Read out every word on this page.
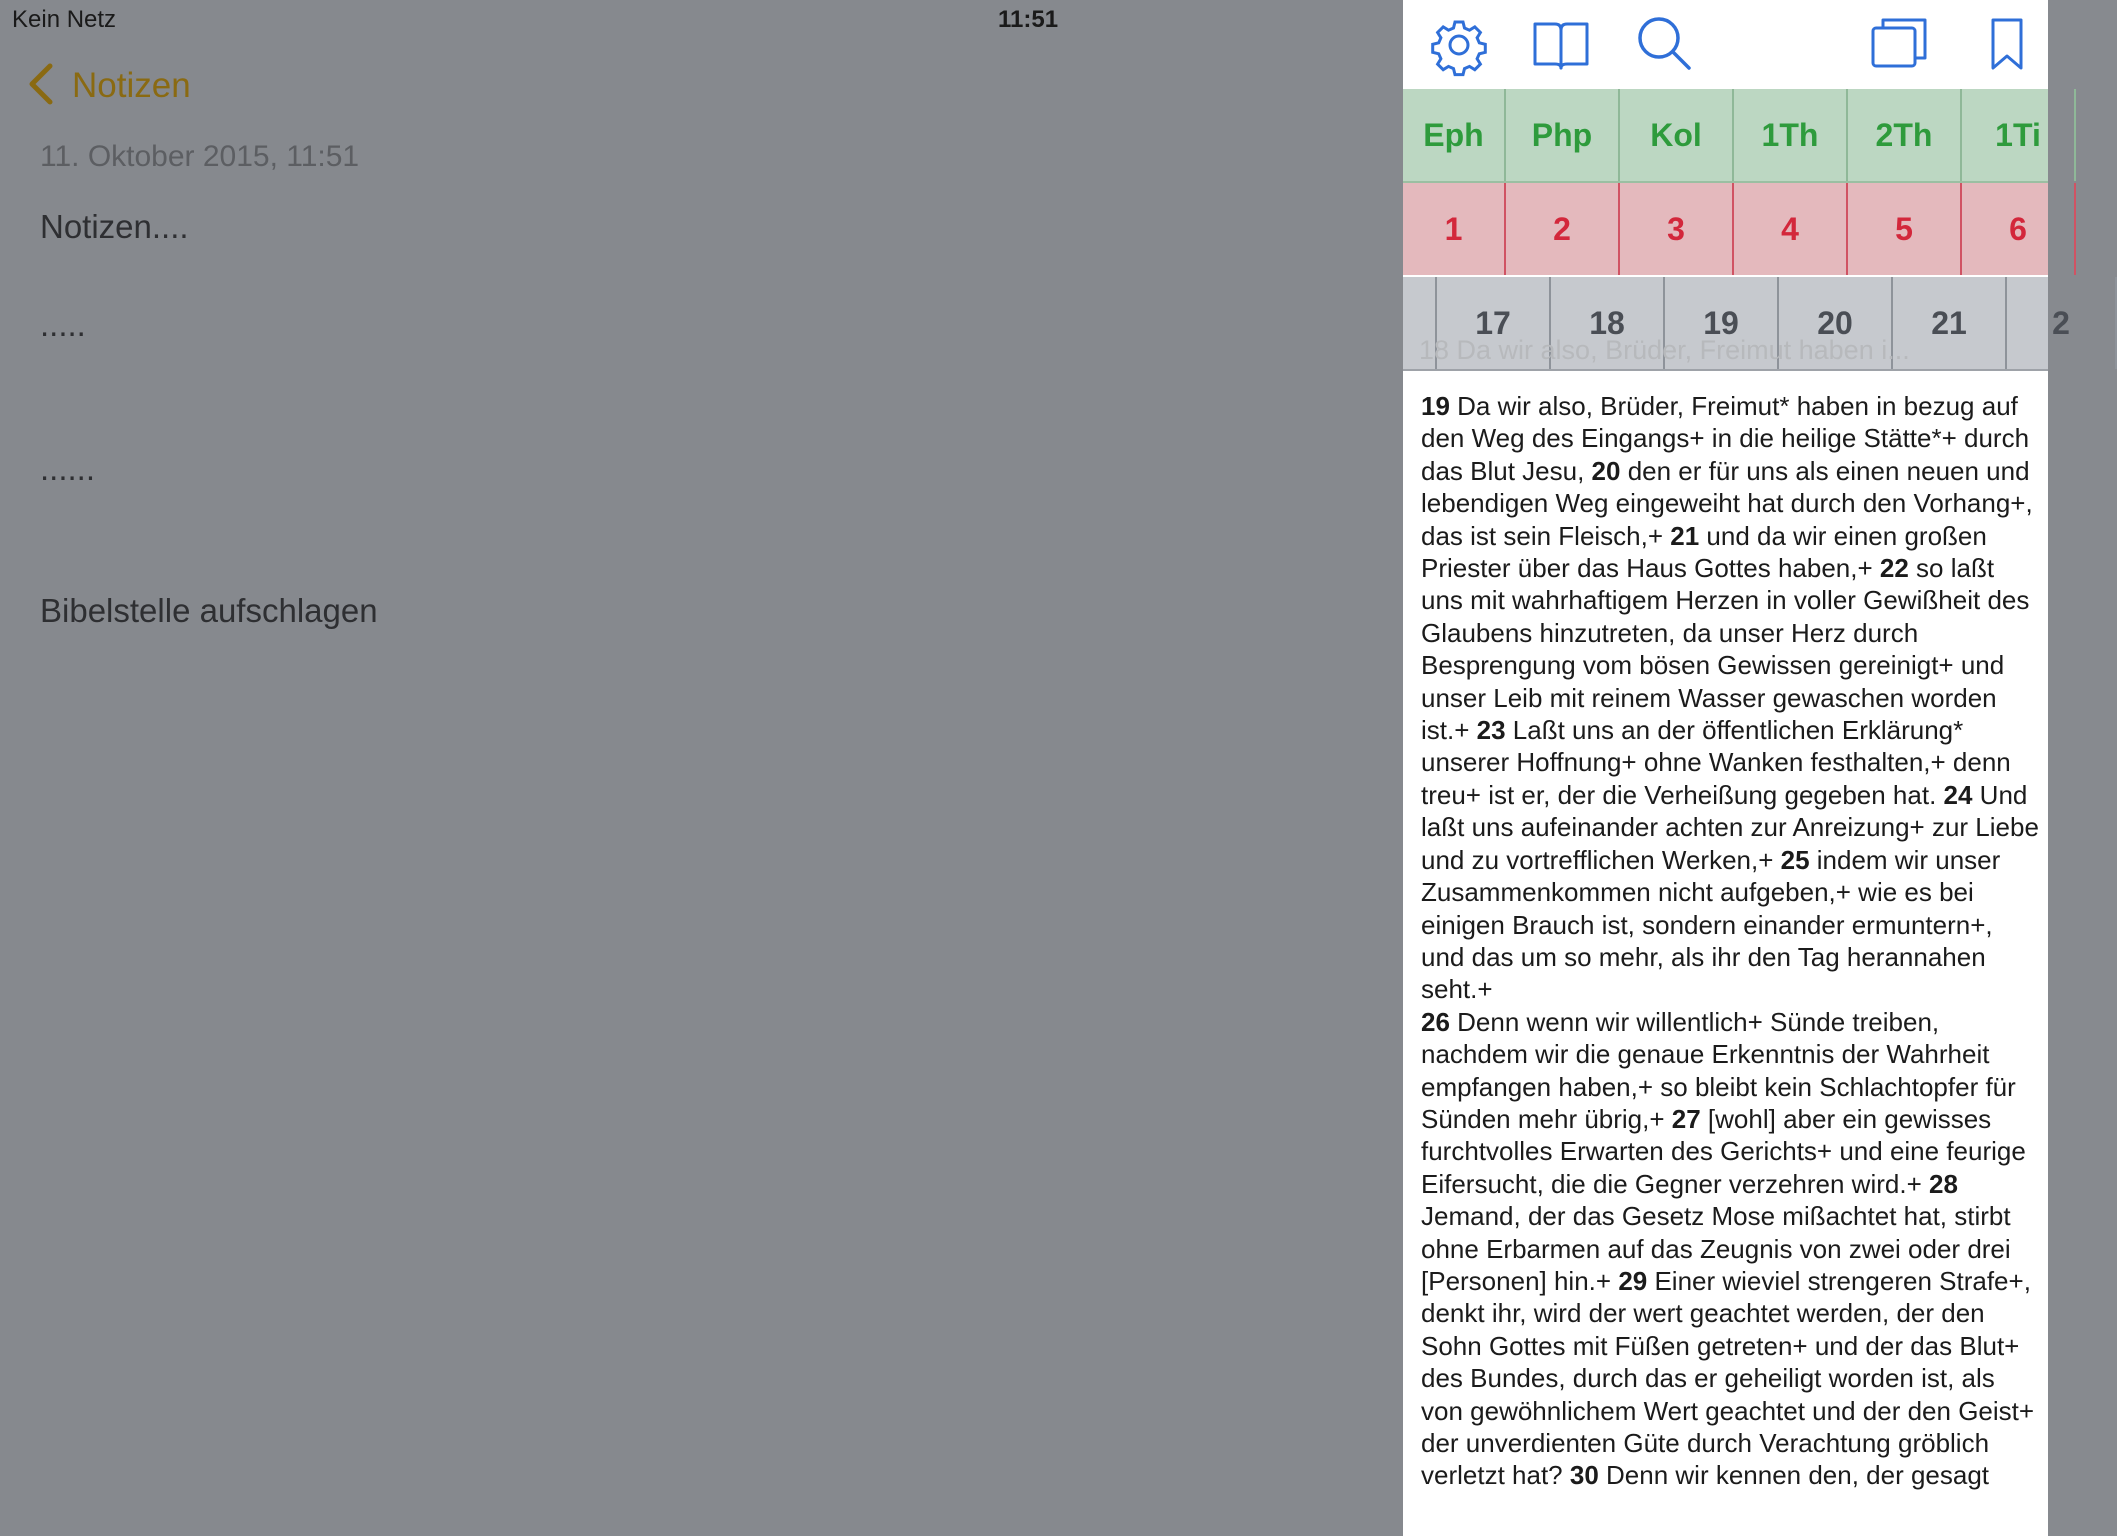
Kein Netz	11:51
Notizen
11. Oktober 2015, 11:51
Notizen....
.....
......
Bibelstelle aufschlagen
Eph	Php	Kol	1Th	2Th	1Ti
1	2	3	4	5	6
17	18	19	20	21	2
18 Da wir also, Brüder, Freimut haben i...

19 Da wir also, Brüder, Freimut* haben in bezug auf den Weg des Eingangs+ in die heilige Stätte*+ durch das Blut Jesu, 20 den er für uns als einen neuen und lebendigen Weg eingeweiht hat durch den Vorhang+, das ist sein Fleisch,+ 21 und da wir einen großen Priester über das Haus Gottes haben,+ 22 so laßt uns mit wahrhaftigem Herzen in voller Gewißheit des Glaubens hinzutreten, da unser Herz durch Besprengung vom bösen Gewissen gereinigt+ und unser Leib mit reinem Wasser gewaschen worden ist.+ 23 Laßt uns an der öffentlichen Erklärung* unserer Hoffnung+ ohne Wanken festhalten,+ denn treu+ ist er, der die Verheißung gegeben hat. 24 Und laßt uns aufeinander achten zur Anreizung+ zur Liebe und zu vortrefflichen Werken,+ 25 indem wir unser Zusammenkommen nicht aufgeben,+ wie es bei einigen Brauch ist, sondern einander ermuntern+, und das um so mehr, als ihr den Tag herannahen seht.+
26 Denn wenn wir willentlich+ Sünde treiben, nachdem wir die genaue Erkenntnis der Wahrheit empfangen haben,+ so bleibt kein Schlachtopfer für Sünden mehr übrig,+ 27 [wohl] aber ein gewisses furchtvolles Erwarten des Gerichts+ und eine feurige Eifersucht, die die Gegner verzehren wird.+ 28 Jemand, der das Gesetz Mose mißachtet hat, stirbt ohne Erbarmen auf das Zeugnis von zwei oder drei [Personen] hin.+ 29 Einer wieviel strengeren Strafe+, denkt ihr, wird der wert geachtet werden, der den Sohn Gottes mit Füßen getreten+ und der das Blut+ des Bundes, durch das er geheiligt worden ist, als von gewöhnlichem Wert geachtet und der den Geist+ der unverdienten Güte durch Verachtung gröblich verletzt hat? 30 Denn wir kennen den, der gesagt
